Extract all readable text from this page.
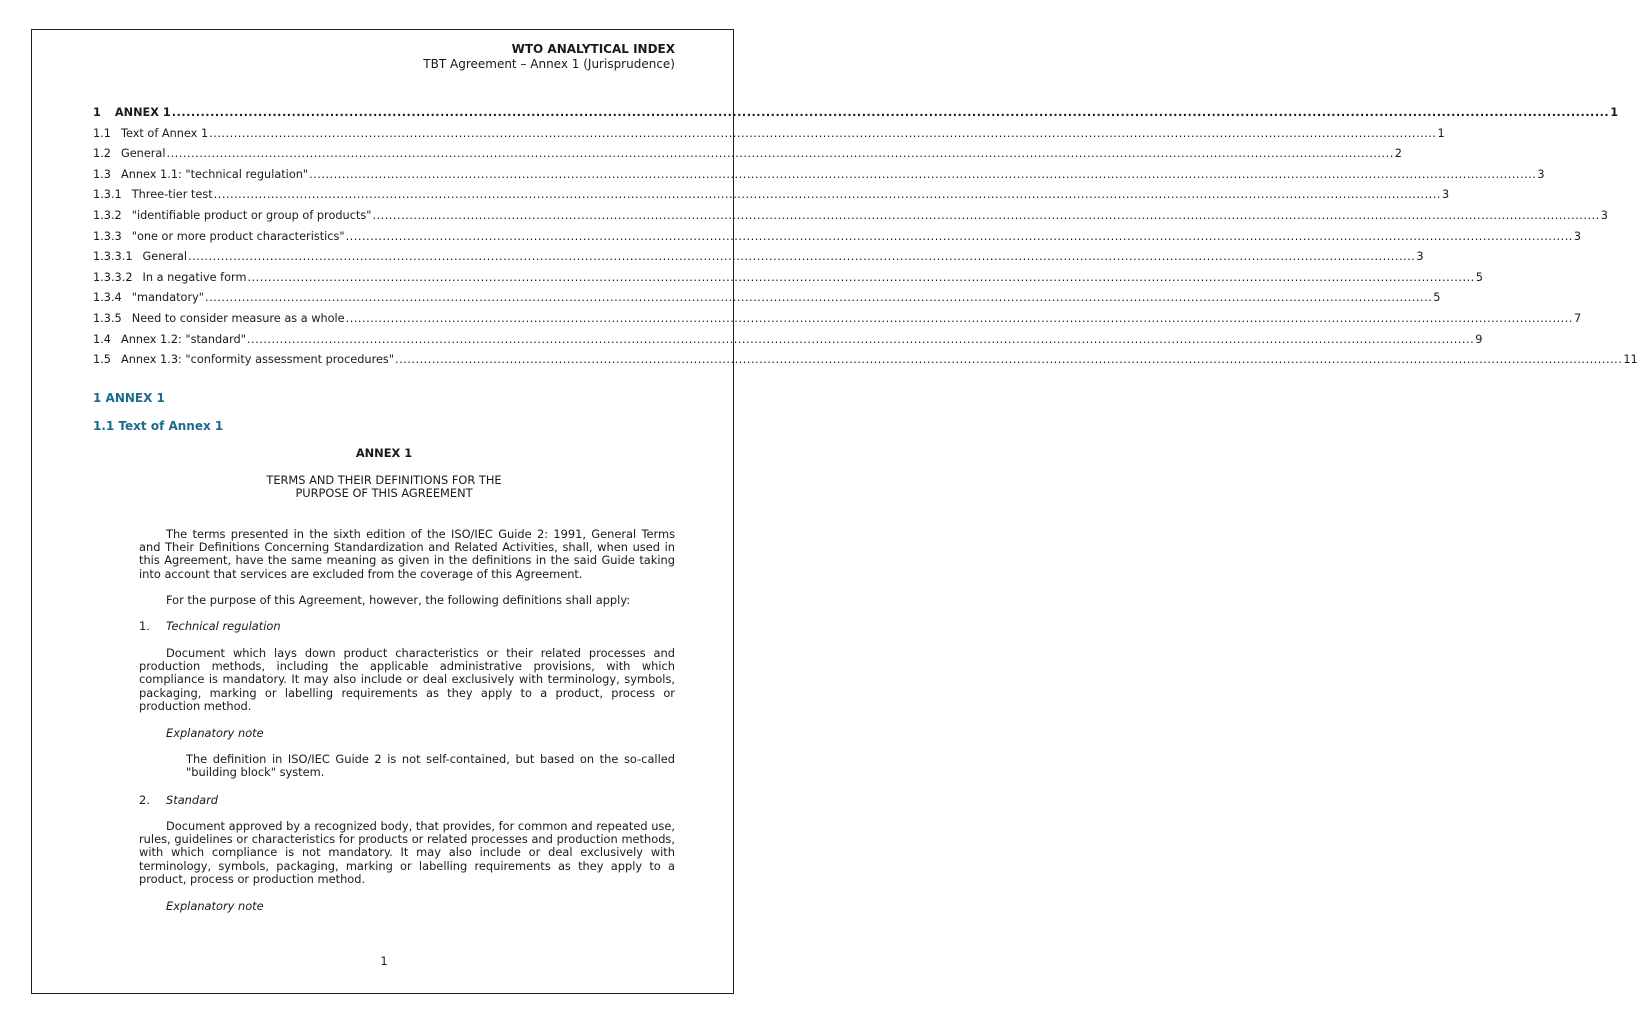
WTO ANALYTICAL INDEX
TBT Agreement – Annex 1 (Jurisprudence)
1 ANNEX 1 ............................................................................................................................................................................................................................................................................................................ 1
1.1 Text of Annex 1 ............................................................................................................................................................................................................................................................................................................ 1
1.2 General ............................................................................................................................................................................................................................................................................................................ 2
1.3 Annex 1.1: "technical regulation" ............................................................................................................................................................................................................................................................................................................ 3
1.3.1 Three-tier test ............................................................................................................................................................................................................................................................................................................ 3
1.3.2 "identifiable product or group of products" ............................................................................................................................................................................................................................................................................................................ 3
1.3.3 "one or more product characteristics" ............................................................................................................................................................................................................................................................................................................ 3
1.3.3.1 General ............................................................................................................................................................................................................................................................................................................ 3
1.3.3.2 In a negative form ............................................................................................................................................................................................................................................................................................................ 5
1.3.4 "mandatory" ............................................................................................................................................................................................................................................................................................................ 5
1.3.5 Need to consider measure as a whole ............................................................................................................................................................................................................................................................................................................ 7
1.4 Annex 1.2: "standard" ............................................................................................................................................................................................................................................................................................................ 9
1.5 Annex 1.3: "conformity assessment procedures" ............................................................................................................................................................................................................................................................................................................ 11
1 ANNEX 1
1.1 Text of Annex 1
ANNEX 1
TERMS AND THEIR DEFINITIONS FOR THE
PURPOSE OF THIS AGREEMENT
The terms presented in the sixth edition of the ISO/IEC Guide 2: 1991, General Terms and Their Definitions Concerning Standardization and Related Activities, shall, when used in this Agreement, have the same meaning as given in the definitions in the said Guide taking into account that services are excluded from the coverage of this Agreement.
For the purpose of this Agreement, however, the following definitions shall apply:
1. Technical regulation
Document which lays down product characteristics or their related processes and production methods, including the applicable administrative provisions, with which compliance is mandatory. It may also include or deal exclusively with terminology, symbols, packaging, marking or labelling requirements as they apply to a product, process or production method.
Explanatory note
The definition in ISO/IEC Guide 2 is not self-contained, but based on the so-called "building block" system.
2. Standard
Document approved by a recognized body, that provides, for common and repeated use, rules, guidelines or characteristics for products or related processes and production methods, with which compliance is not mandatory. It may also include or deal exclusively with terminology, symbols, packaging, marking or labelling requirements as they apply to a product, process or production method.
Explanatory note
1
